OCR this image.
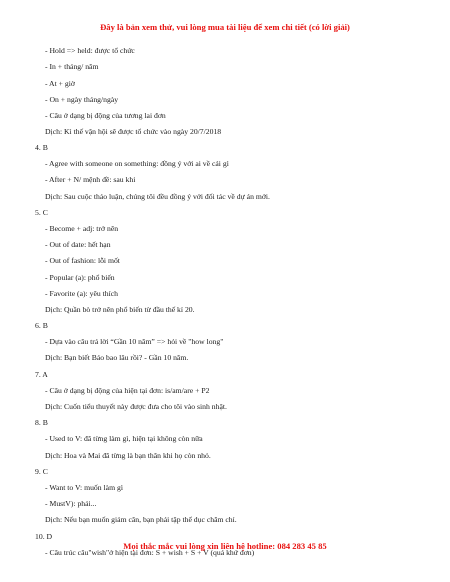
Đây là bản xem thử, vui lòng mua tài liệu để xem chi tiết (có lời giải)
- Hold => held: được tổ chức
- In + tháng/ năm
- At + giờ
- On + ngày tháng/ngày
- Câu ở dạng bị động của tương lai đơn
Dịch: Kì thế vận hội sẽ được tổ chức vào ngày 20/7/2018
4. B
- Agree with someone on something: đồng ý với ai về cái gì
- After + N/ mệnh đề: sau khi
Dịch: Sau cuộc thảo luận, chúng tôi đều đồng ý với đối tác về dự án mới.
5. C
- Become + adj: trở nên
- Out of date: hết hạn
- Out of fashion: lỗi mốt
- Popular (a): phổ biến
- Favorite (a): yêu thích
Dịch: Quần bò trở nên phổ biến từ đầu thế kỉ 20.
6. B
- Dựa vào câu trả lời “Gần 10 năm” => hỏi về "how long"
Dịch: Bạn biết Báo bao lâu rồi? - Gần 10 năm.
7. A
- Câu ở dạng bị động của hiện tại đơn: is/am/are + P2
Dịch: Cuốn tiểu thuyết này được đưa cho tôi vào sinh nhật.
8. B
- Used to V: đã từng làm gì, hiện tại không còn nữa
Dịch: Hoa và Mai đã từng là bạn thân khi họ còn nhỏ.
9. C
- Want to V: muốn làm gì
- MustV): phải...
Dịch: Nếu bạn muốn giảm cân, bạn phải tập thể dục chăm chỉ.
10. D
- Câu trúc câu"wish"ở hiện tại đơn: S + wish + S + V (quá khứ đơn)
Mọi thắc mắc vui lòng xin liên hệ hotline: 084 283 45 85
